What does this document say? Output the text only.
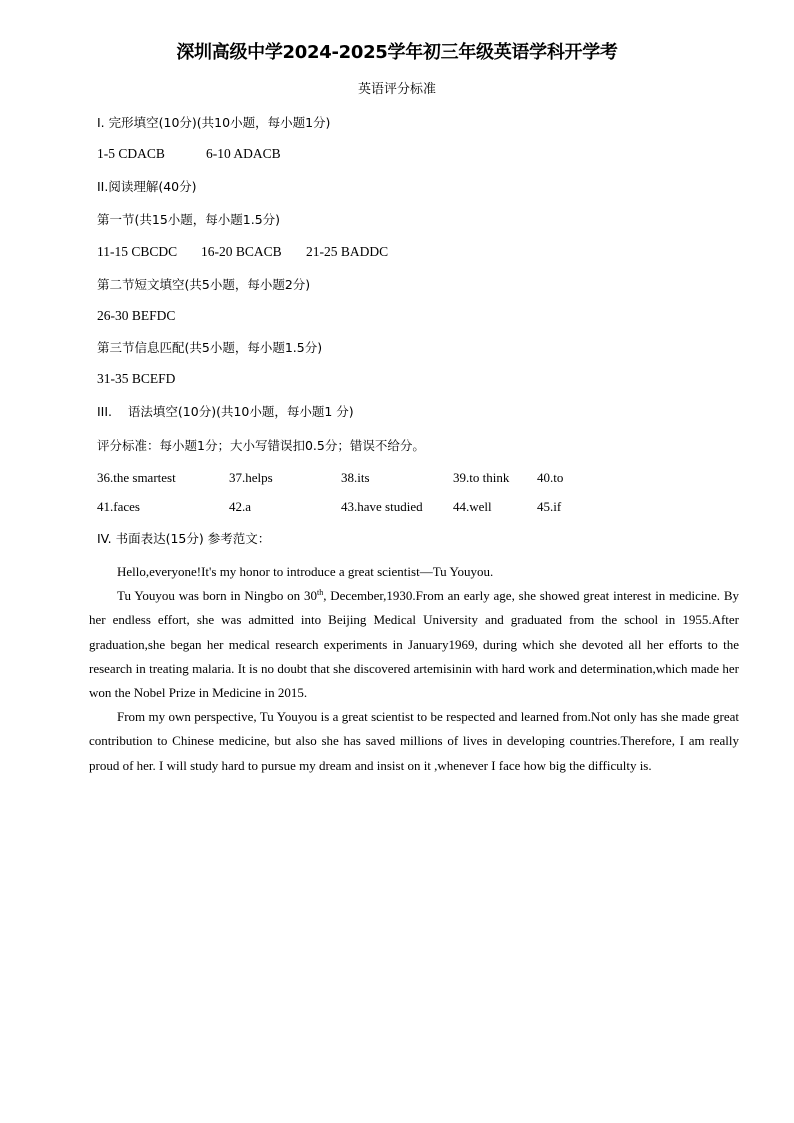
深圳高级中学2024-2025学年初三年级英语学科开学考
英语评分标准
I. 完形填空(10分)(共10小题，每小题1分)
1-5 CDACB	6-10 ADACB
II.阅读理解(40分)
第一节(共15小题，每小题1.5分)
11-15 CBCDC 16-20 BCACB 21-25 BADDC
第二节短文填空(共5小题，每小题2分)
26-30 BEFDC
第三节信息匹配(共5小题，每小题1.5分)
31-35 BCEFD
III.    语法填空(10分)(共10小题，每小题1 分)
评分标准：每小题1分；大小写错误扣0.5分；错误不给分。
36.the smartest	37.helps	38.its	39.to think 40.to
41.faces	42.a	43.have studied 44.well	45.if
IV. 书面表达(15分) 参考范文：

Hello,everyone!It's my honor to introduce a great scientist—Tu Youyou.

Tu Youyou was born in Ningbo on 30th, December,1930.From an early age, she showed great interest in medicine. By her endless effort, she was admitted into Beijing Medical University and graduated from the school in 1955.After graduation,she began her medical research experiments in January1969, during which she devoted all her efforts to the research in treating malaria. It is no doubt that she discovered artemisinin with hard work and determination,which made her won the Nobel Prize in Medicine in 2015.

From my own perspective, Tu Youyou is a great scientist to be respected and learned from.Not only has she made great contribution to Chinese medicine, but also she has saved millions of lives in developing countries.Therefore, I am really proud of her. I will study hard to pursue my dream and insist on it ,whenever I face how big the difficulty is.
